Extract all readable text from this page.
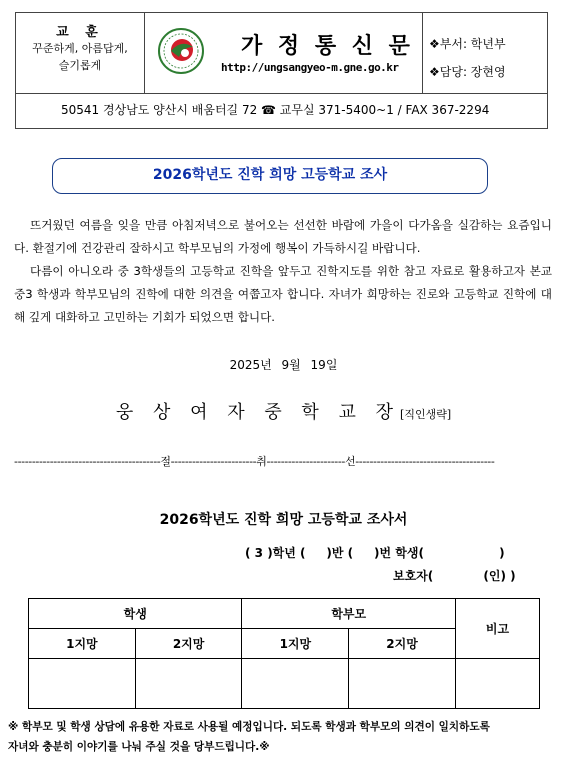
교 훈
꾸준하게, 아름답게,
슬기롭게
가 정 통 신 문
http://ungsangyeo-m.gne.go.kr
❖부서: 학년부
❖담당: 장현영
50541 경상남도 양산시 배움터길 72 ☎ 교무실 371-5400~1 / FAX 367-2294
2026학년도 진학 희망 고등학교 조사

뜨거웠던 여름을 잊을 만큼 아침저녁으로 불어오는 선선한 바람에 가을이 다가옴을 실감하는 요즘입니다. 환절기에 건강관리 잘하시고 학부모님의 가정에 행복이 가득하시길 바랍니다.

다름이 아니오라 중 3학생들의 고등학교 진학을 앞두고 진학지도를 위한 참고 자료로 활용하고자 본교 중3 학생과 학부모님의 진학에 대한 의견을 여쭙고자 합니다. 자녀가 희망하는 진로와 고등학교 진학에 대해 깊게 대화하고 고민하는 기회가 되었으면 합니다.

2025년 9월 19일
웅 상 여 자 중 학 교 장[직인생략]
-----------------------------------------절------------------------취----------------------선---------------------------------------
2026학년도 진학 희망 고등학교 조사서
( 3 )학년 (     )반 (     )번 학생(                  )
보호자(            (인) )
학생		학부모		비고
1지망	2지망	1지망	2지망	

※ 학부모 및 학생 상담에 유용한 자료로 사용될 예정입니다. 되도록 학생과 학부모의 의견이 일치하도록
자녀와 충분히 이야기를 나눠 주실 것을 당부드립니다.※
